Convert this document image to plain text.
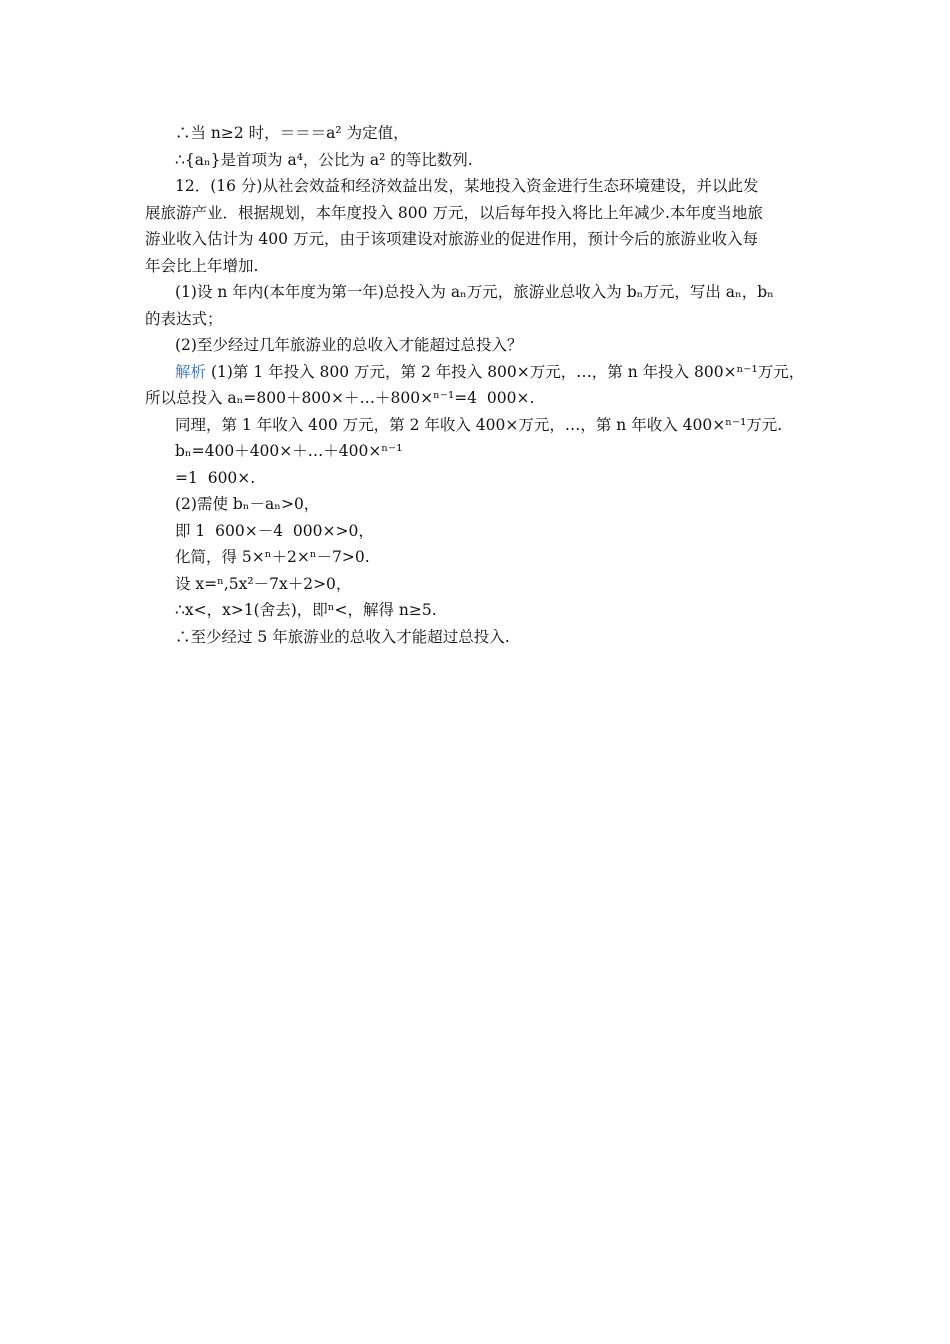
∴当 n≥2 时，＝＝＝a² 为定值，
∴{aₙ}是首项为 a⁴，公比为 a² 的等比数列.
12．(16 分)从社会效益和经济效益出发，某地投入资金进行生态环境建设，并以此发
展旅游产业．根据规划，本年度投入 800 万元，以后每年投入将比上年减少.本年度当地旅
游业收入估计为 400 万元，由于该项建设对旅游业的促进作用，预计今后的旅游业收入每
年会比上年增加.
(1)设 n 年内(本年度为第一年)总投入为 aₙ万元，旅游业总收入为 bₙ万元，写出 aₙ，bₙ
的表达式；
(2)至少经过几年旅游业的总收入才能超过总投入？
解析 (1)第 1 年投入 800 万元，第 2 年投入 800×万元，…，第 n 年投入 800×ⁿ⁻¹万元，
所以总投入 aₙ=800＋800×＋…＋800×ⁿ⁻¹=4  000×.
同理，第 1 年收入 400 万元，第 2 年收入 400×万元，…，第 n 年收入 400×ⁿ⁻¹万元.
bₙ=400＋400×＋…＋400×ⁿ⁻¹
=1  600×.
(2)需使 bₙ－aₙ>0，
即 1  600×－4  000×>0，
化简，得 5×ⁿ＋2×ⁿ－7>0.
设 x=ⁿ,5x²－7x＋2>0，
∴x<，x>1(舍去)，即ⁿ<，解得 n≥5.
∴至少经过 5 年旅游业的总收入才能超过总投入.
